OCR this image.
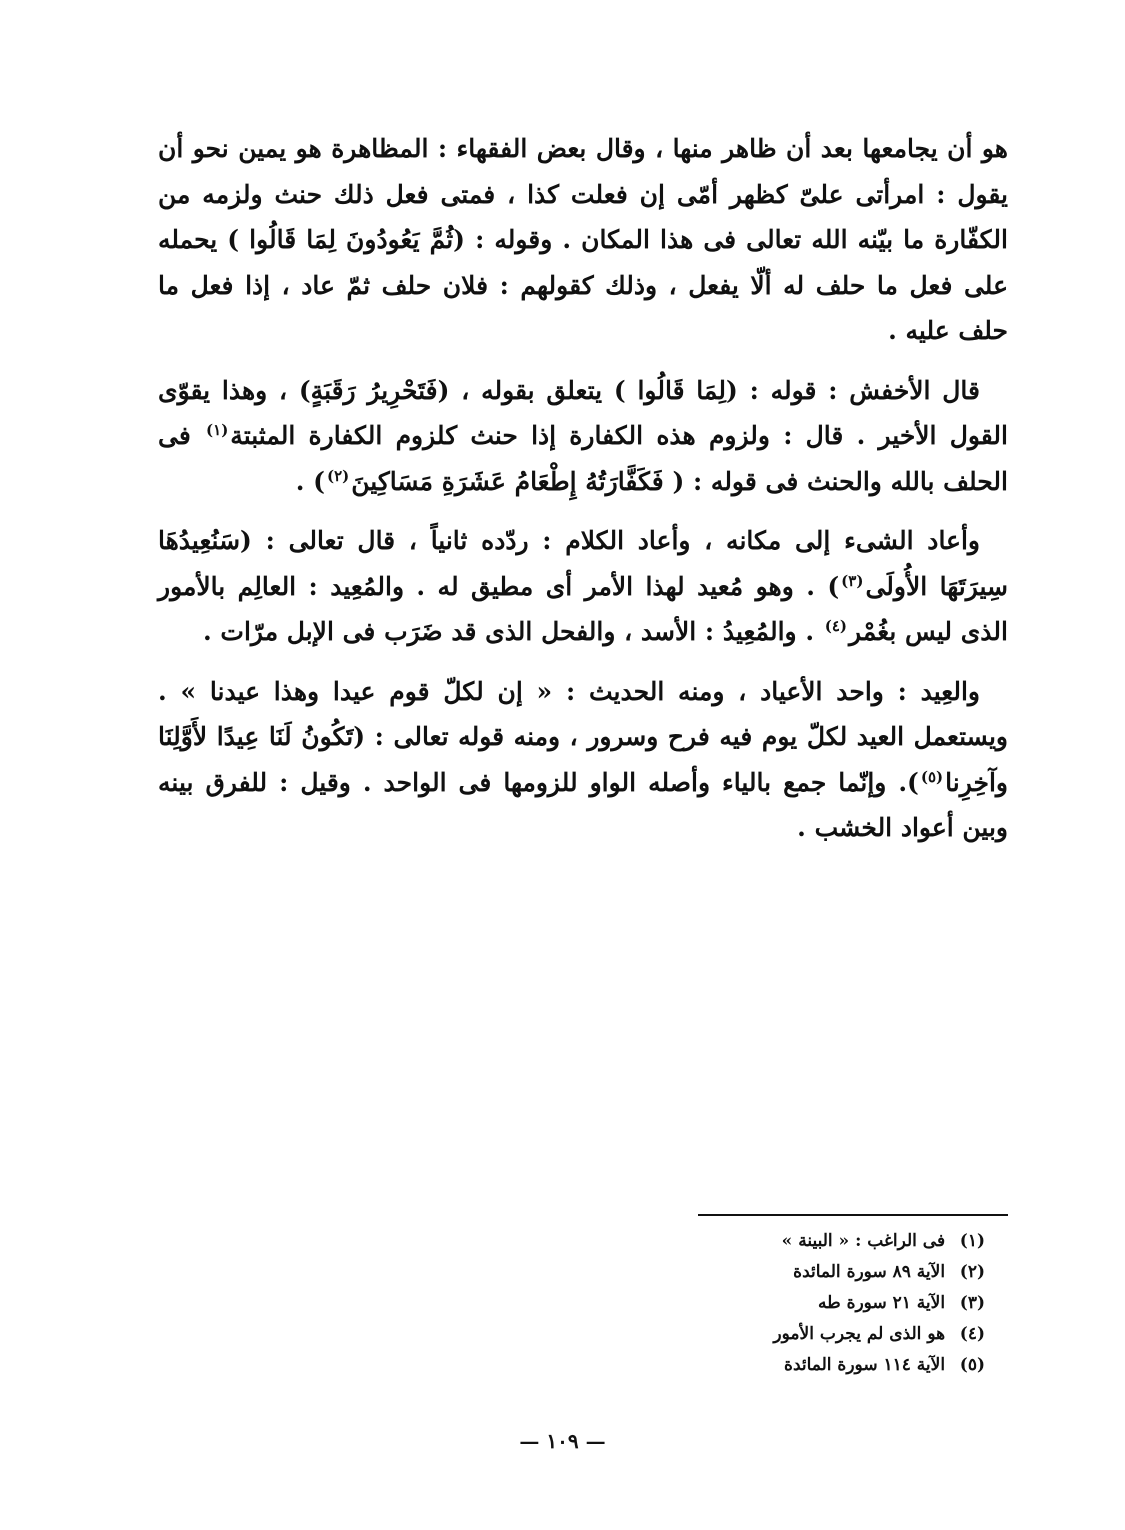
هو أن يجامعها بعد أن ظاهر منها ، وقال بعض الفقهاء : المظاهرة هو يمين نحو أن يقول : امرأتى علىّ كظهر أمّى إن فعلت كذا ، فمتى فعل ذلك حنث ولزمه من الكفّارة ما بيّنه الله تعالى فى هذا المكان . وقوله : (ثُمَّ يَعُودُونَ لِمَا قَالُوا ) يحمله على فعل ما حلف له ألّا يفعل ، وذلك كقولهم : فلان حلف ثمّ عاد ، إذا فعل ما حلف عليه .

قال الأخفش : قوله : (لِمَا قَالُوا ) يتعلق بقوله ، (فَتَحْرِيرُ رَقَبَةٍ) ، وهذا يقوّى القول الأخير . قال : ولزوم هذه الكفارة إذا حنث كلزوم الكفارة المثبتة$^{(١)}$ فى الحلف بالله والحنث فى قوله : ( فَكَفَّارَتُهُ إِطْعَامُ عَشَرَةِ مَسَاكِينَ$^{(٢)}$) .

وأعاد الشىء إلى مكانه ، وأعاد الكلام : ردّده ثانياً ، قال تعالى : (سَنُعِيدُهَا سِيرَتَهَا الأُولَى$^{(٣)}$) . وهو مُعيد لهذا الأمر أى مطيق له . والمُعِيد : العالِم بالأمور الذى ليس بغُمْر$^{(٤)}$ . والمُعِيدُ : الأسد ، والفحل الذى قد ضَرَب فى الإبل مرّات .

والعِيد : واحد الأعياد ، ومنه الحديث : « إن لكلّ قوم عيدا وهذا عيدنا » . ويستعمل العيد لكلّ يوم فيه فرح وسرور ، ومنه قوله تعالى : (تَكُونُ لَنَا عِيدًا لأَوَّلِنَا وآخِرِنا$^{(٥)}$). وإنّما جمع بالياء وأصله الواو للزومها فى الواحد . وقيل : للفرق بينه وبين أعواد الخشب .

(١) فى الراغب : « البينة »
(٢) الآية ٨٩ سورة المائدة
(٣) الآية ٢١ سورة طه
(٤) هو الذى لم يجرب الأمور
(٥) الآية ١١٤ سورة المائدة
— ١٠٩ —
